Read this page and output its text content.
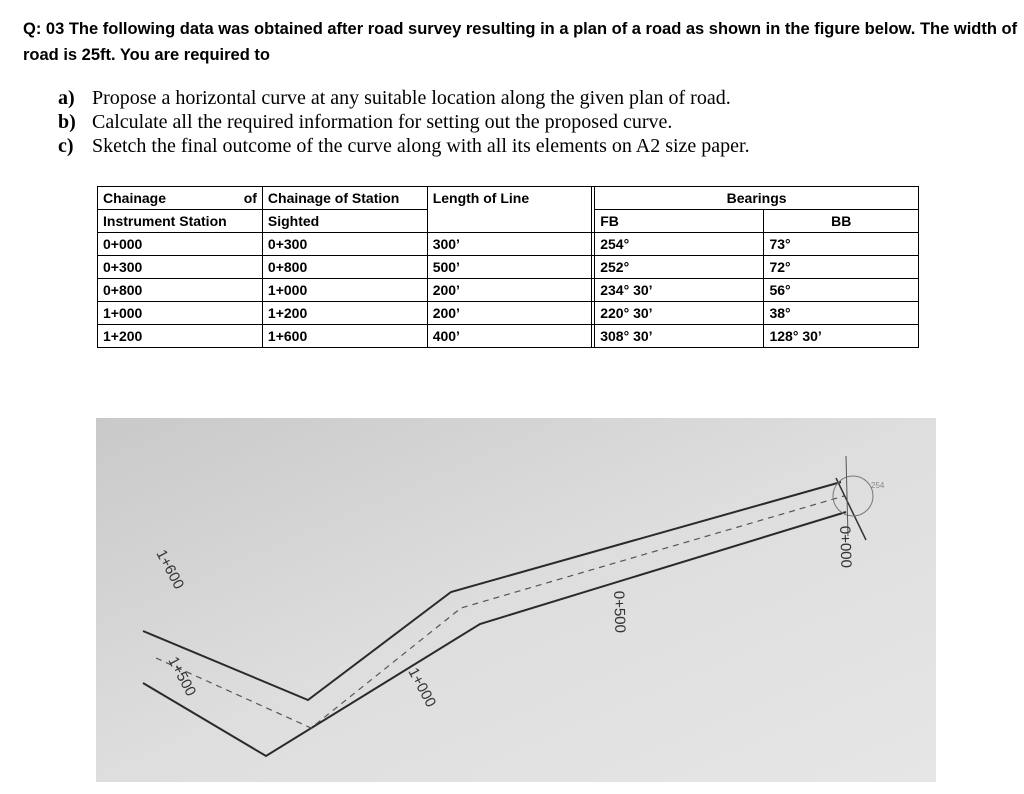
Q: 03 The following data was obtained after road survey resulting in a plan of a road as shown in the figure below. The width of road is 25ft. You are required to
a) Propose a horizontal curve at any suitable location along the given plan of road.
b) Calculate all the required information for setting out the proposed curve.
c) Sketch the final outcome of the curve along with all its elements on A2 size paper.
Chainage of	Chainage of Station	Length of Line		Bearings	
Instrument Station	Sighted			FB	BB
0+000	0+300	300’		254°	73°
0+300	0+800	500’		252°	72°
0+800	1+000	200’		234° 30’	56°
1+000	1+200	200’		220° 30’	38°
1+200	1+600	400’		308° 30’	128° 30’
1+600
1+500	1+000
0+500
0+000
254
